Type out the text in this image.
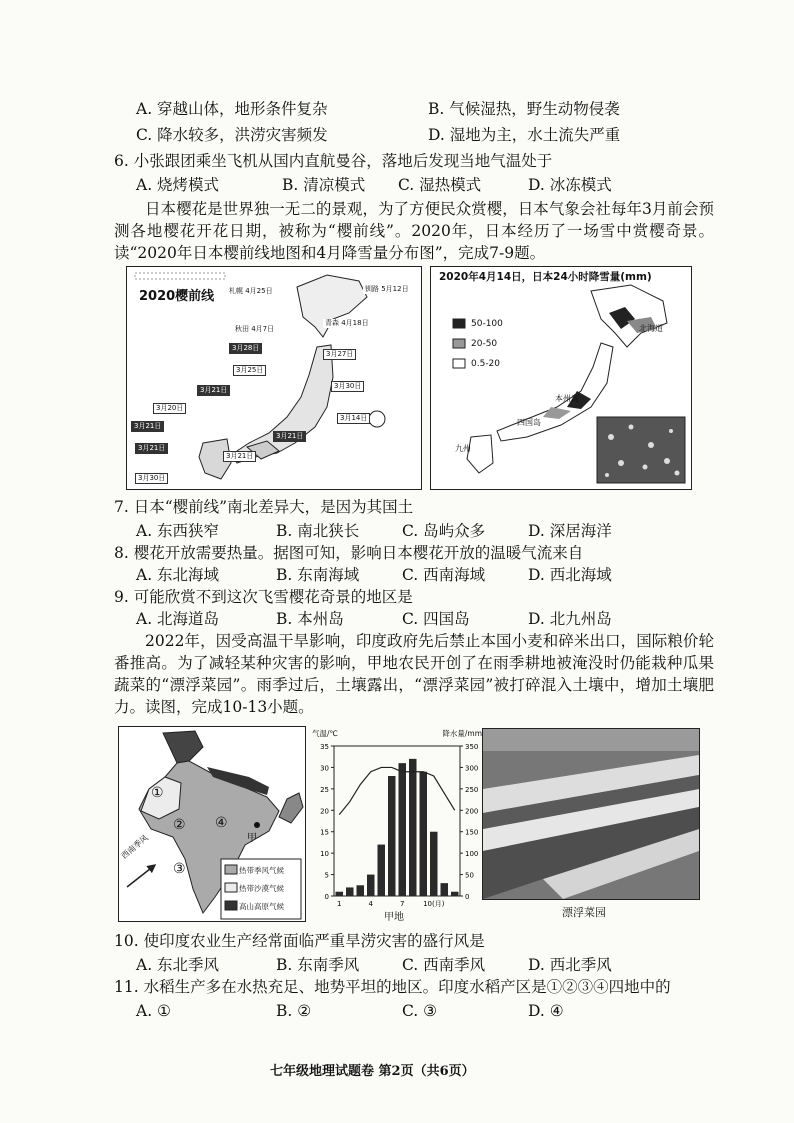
A. 穿越山体，地形条件复杂	B. 气候湿热，野生动物侵袭
C. 降水较多，洪涝灾害频发	D. 湿地为主，水土流失严重
6. 小张跟团乘坐飞机从国内直航曼谷，落地后发现当地气温处于
A. 烧烤模式	B. 清凉模式 C. 湿热模式	D. 冰冻模式
日本樱花是世界独一无二的景观，为了方便民众赏樱，日本气象会社每年3月前会预测各地樱花开花日期，被称为“樱前线”。2020年，日本经历了一场雪中赏樱奇景。读“2020年日本樱前线地图和4月降雪量分布图”，完成7-9题。
2020樱前线 札幌 4月25日	钏路 5月12日
秋田 4月7日
青森 4月18日
3月28日
3月27日
3月25日
3月30日
3月21日
3月20日
3月21日
3月14日
3月21日
3月21日
3月21日
3月30日
2020年4月14日，日本24小时降雪量(mm)
50-100
20-50
0.5-20
北海道
本州岛
四国岛
九州
7. 日本“樱前线”南北差异大，是因为其国土
A. 东西狭窄	B. 南北狭长	C. 岛屿众多	D. 深居海洋
8. 樱花开放需要热量。据图可知，影响日本樱花开放的温暖气流来自
A. 东北海域	B. 东南海域	C. 西南海域	D. 西北海域
9. 可能欣赏不到这次飞雪樱花奇景的地区是
A. 北海道岛	B. 本州岛	C. 四国岛	D. 北九州岛
2022年，因受高温干旱影响，印度政府先后禁止本国小麦和碎米出口，国际粮价轮番推高。为了减轻某种灾害的影响，甲地农民开创了在雨季耕地被淹没时仍能栽种瓜果蔬菜的“漂浮菜园”。雨季过后，土壤露出，“漂浮菜园”被打碎混入土壤中，增加土壤肥力。读图，完成10-13小题。
①
②
③
④
甲
西南季风
热带季风气候
热带沙漠气候
高山高原气候
气温/℃	降水量/mm
0
5
10
15
20
25
30
35
0
50
100
150
200
250
300
350
1	4	7	10(月)
甲地	漂浮菜园
10. 使印度农业生产经常面临严重旱涝灾害的盛行风是
A. 东北季风	B. 东南季风	C. 西南季风	D. 西北季风
11. 水稻生产多在水热充足、地势平坦的地区。印度水稻产区是①②③④四地中的
A. ①	B. ②	C. ③	D. ④
七年级地理试题卷 第2页（共6页）
